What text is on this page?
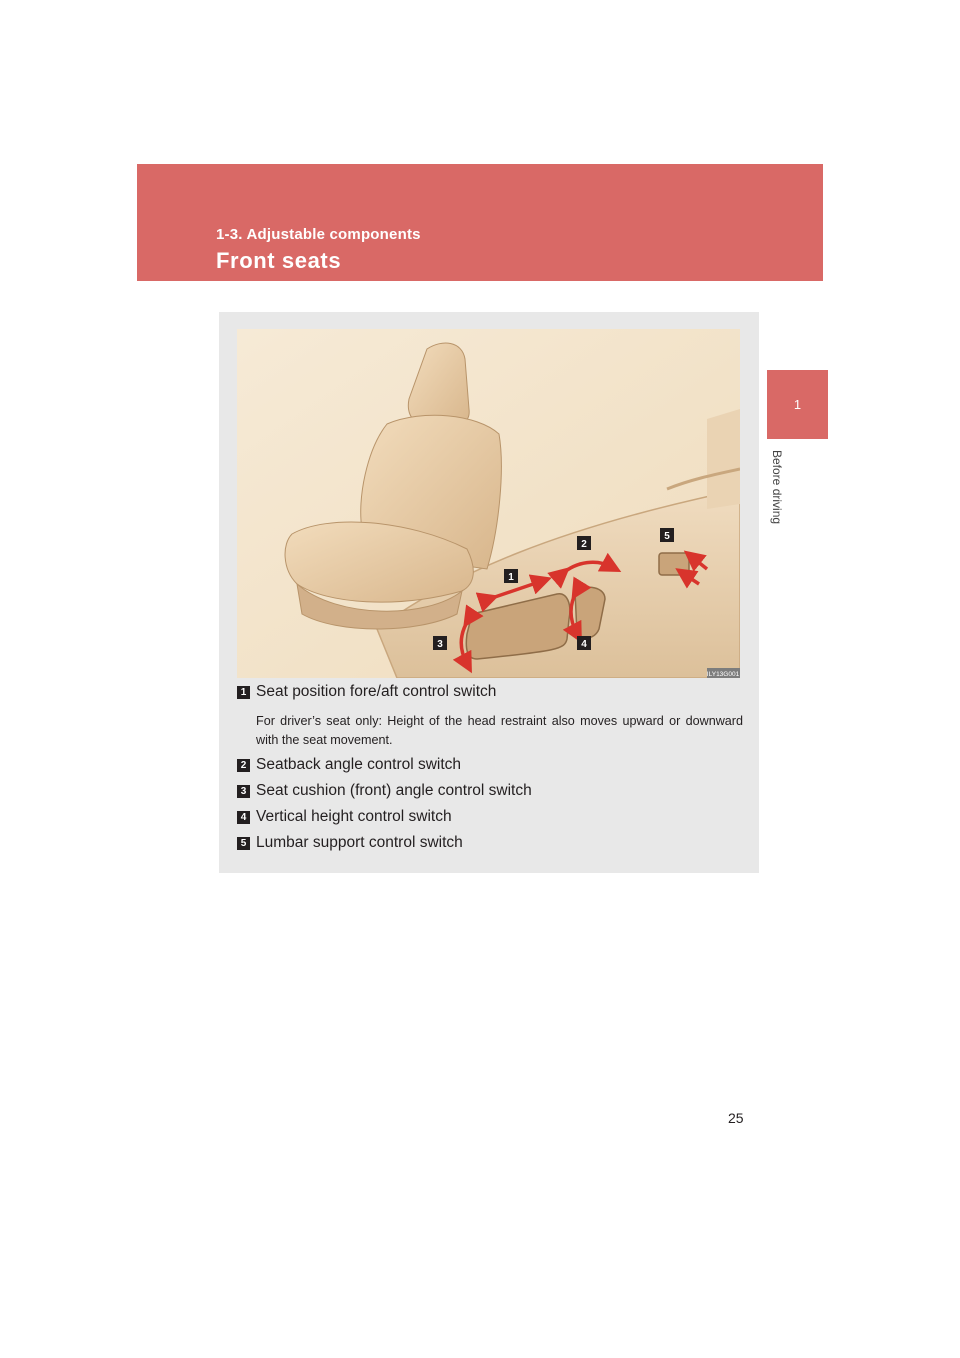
1-3. Adjustable components
Front seats
1
Before driving
1
2
3	4
5
ILY13G001
1 Seat position fore/aft control switch
For driver’s seat only: Height of the head restraint also moves upward or downward with the seat movement.
2 Seatback angle control switch
3 Seat cushion (front) angle control switch
4 Vertical height control switch
5 Lumbar support control switch
25
